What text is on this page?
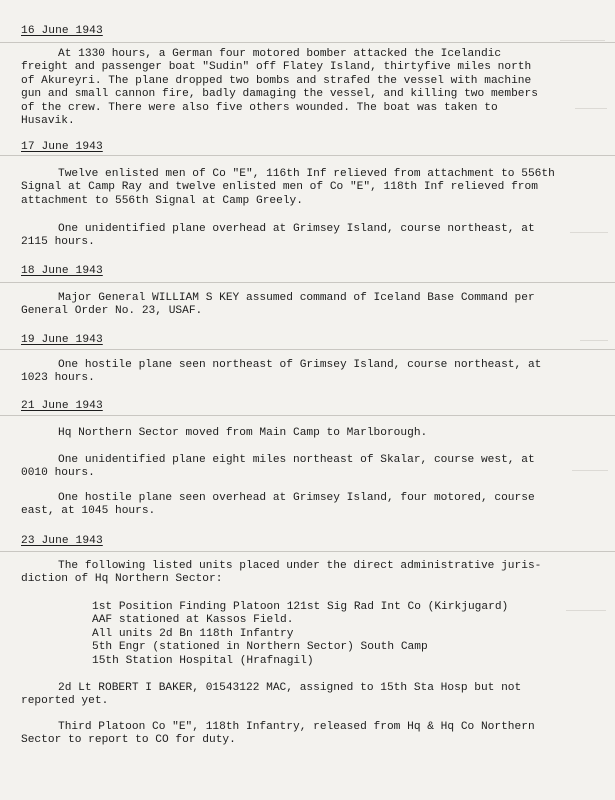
16 June 1943

At 1330 hours, a German four motored bomber attacked the Icelandic
freight and passenger boat "Sudin" off Flatey Island, thirtyfive miles north
of Akureyri. The plane dropped two bombs and strafed the vessel with machine
gun and small cannon fire, badly damaging the vessel, and killing two members
of the crew. There were also five others wounded. The boat was taken to
Husavik.

17 June 1943

Twelve enlisted men of Co "E", 116th Inf relieved from attachment to 556th
Signal at Camp Ray and twelve enlisted men of Co "E", 118th Inf relieved from
attachment to 556th Signal at Camp Greely.

One unidentified plane overhead at Grimsey Island, course northeast, at
2115 hours.

18 June 1943

Major General WILLIAM S KEY assumed command of Iceland Base Command per
General Order No. 23, USAF.

19 June 1943

One hostile plane seen northeast of Grimsey Island, course northeast, at
1023 hours.

21 June 1943

Hq Northern Sector moved from Main Camp to Marlborough.

One unidentified plane eight miles northeast of Skalar, course west, at
0010 hours.

One hostile plane seen overhead at Grimsey Island, four motored, course
east, at 1045 hours.

23 June 1943

The following listed units placed under the direct administrative juris-
diction of Hq Northern Sector:

1st Position Finding Platoon 121st Sig Rad Int Co (Kirkjugard)
AAF stationed at Kassos Field.
All units 2d Bn 118th Infantry
5th Engr (stationed in Northern Sector) South Camp
15th Station Hospital (Hrafnagil)

2d Lt ROBERT I BAKER, 01543122 MAC, assigned to 15th Sta Hosp but not
reported yet.

Third Platoon Co "E", 118th Infantry, released from Hq & Hq Co Northern
Sector to report to CO for duty.
